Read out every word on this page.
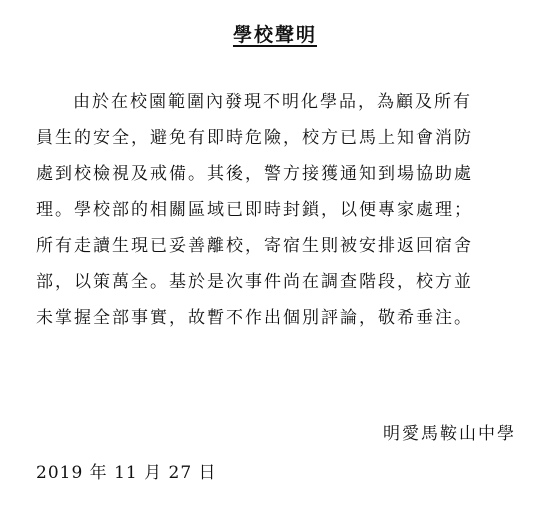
學校聲明
由於在校園範圍內發現不明化學品，為顧及所有
員生的安全，避免有即時危險，校方已馬上知會消防
處到校檢視及戒備。其後，警方接獲通知到場協助處
理。學校部的相關區域已即時封鎖，以便專家處理；
所有走讀生現已妥善離校，寄宿生則被安排返回宿舍
部，以策萬全。基於是次事件尚在調查階段，校方並
未掌握全部事實，故暫不作出個別評論，敬希垂注。
明愛馬鞍山中學
2019 年 11 月 27 日
